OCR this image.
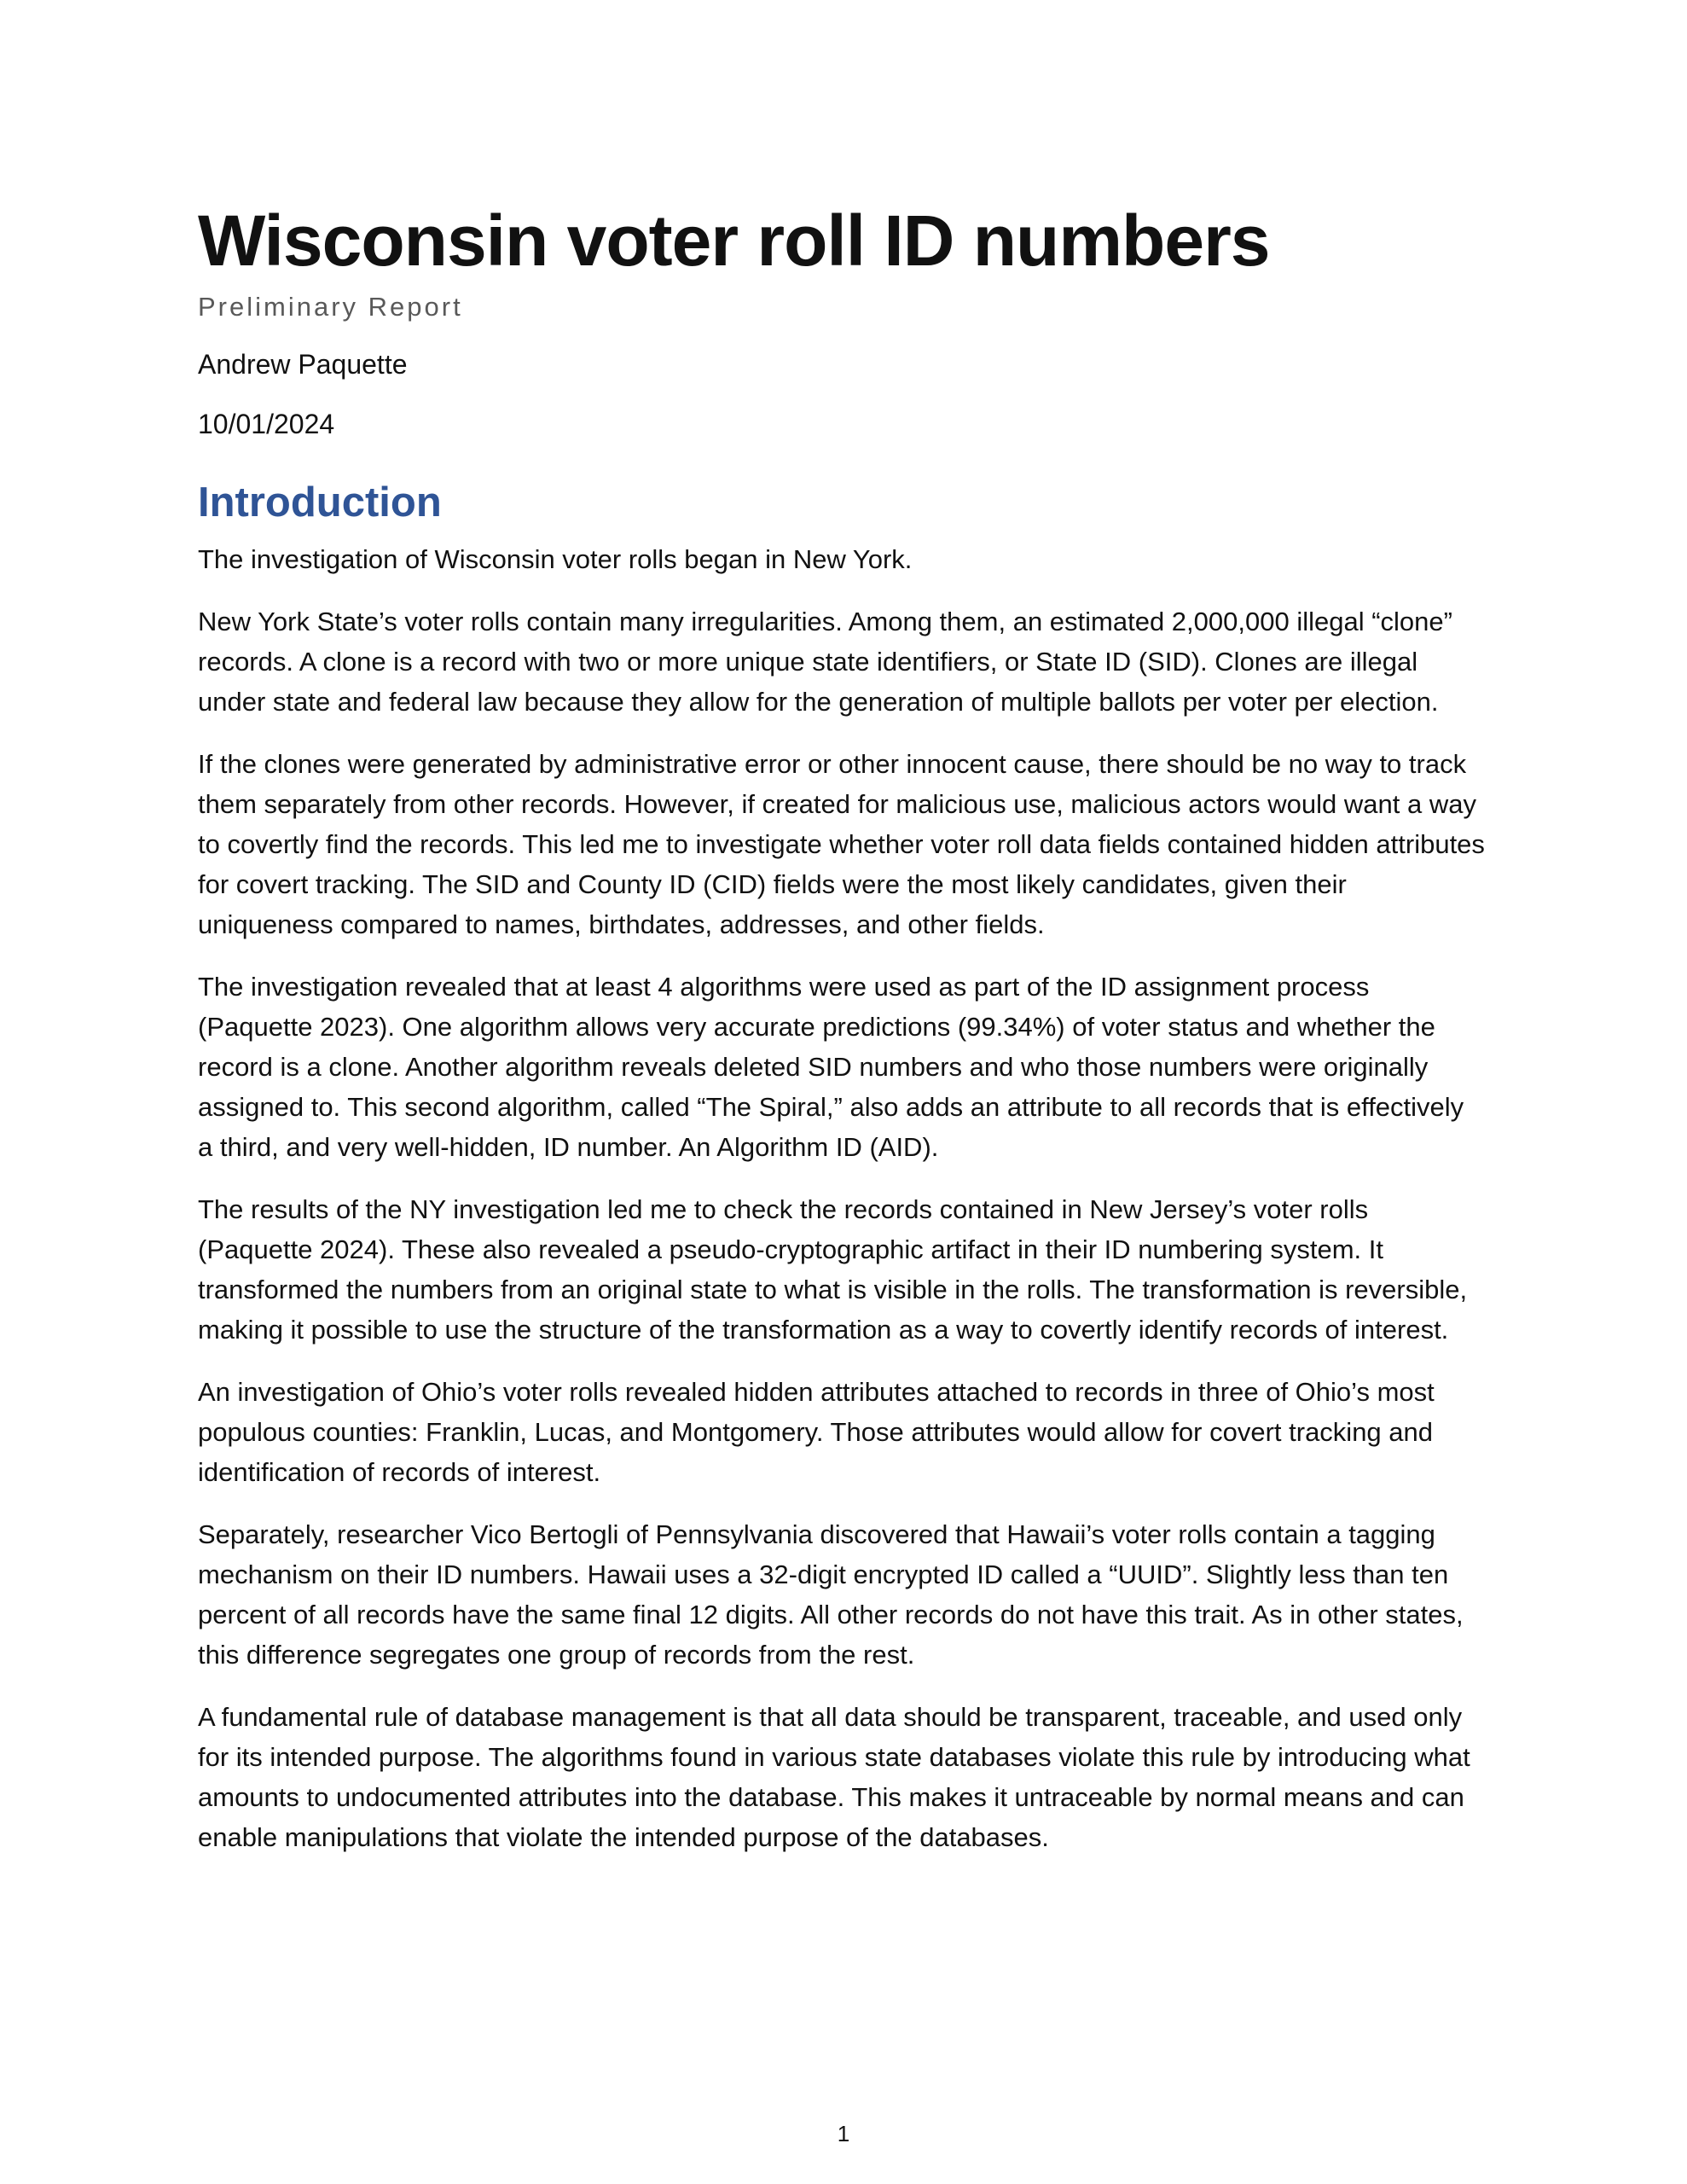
Wisconsin voter roll ID numbers
Preliminary Report
Andrew Paquette
10/01/2024
Introduction

The investigation of Wisconsin voter rolls began in New York.

New York State’s voter rolls contain many irregularities. Among them, an estimated 2,000,000 illegal “clone” records. A clone is a record with two or more unique state identifiers, or State ID (SID). Clones are illegal under state and federal law because they allow for the generation of multiple ballots per voter per election.

If the clones were generated by administrative error or other innocent cause, there should be no way to track them separately from other records. However, if created for malicious use, malicious actors would want a way to covertly find the records. This led me to investigate whether voter roll data fields contained hidden attributes for covert tracking. The SID and County ID (CID) fields were the most likely candidates, given their uniqueness compared to names, birthdates, addresses, and other fields.

The investigation revealed that at least 4 algorithms were used as part of the ID assignment process (Paquette 2023). One algorithm allows very accurate predictions (99.34%) of voter status and whether the record is a clone. Another algorithm reveals deleted SID numbers and who those numbers were originally assigned to. This second algorithm, called “The Spiral,” also adds an attribute to all records that is effectively a third, and very well-hidden, ID number. An Algorithm ID (AID).

The results of the NY investigation led me to check the records contained in New Jersey’s voter rolls (Paquette 2024). These also revealed a pseudo-cryptographic artifact in their ID numbering system. It transformed the numbers from an original state to what is visible in the rolls. The transformation is reversible, making it possible to use the structure of the transformation as a way to covertly identify records of interest.

An investigation of Ohio’s voter rolls revealed hidden attributes attached to records in three of Ohio’s most populous counties: Franklin, Lucas, and Montgomery. Those attributes would allow for covert tracking and identification of records of interest.

Separately, researcher Vico Bertogli of Pennsylvania discovered that Hawaii’s voter rolls contain a tagging mechanism on their ID numbers. Hawaii uses a 32-digit encrypted ID called a “UUID”. Slightly less than ten percent of all records have the same final 12 digits. All other records do not have this trait. As in other states, this difference segregates one group of records from the rest.

A fundamental rule of database management is that all data should be transparent, traceable, and used only for its intended purpose. The algorithms found in various state databases violate this rule by introducing what amounts to undocumented attributes into the database. This makes it untraceable by normal means and can enable manipulations that violate the intended purpose of the databases.

1
